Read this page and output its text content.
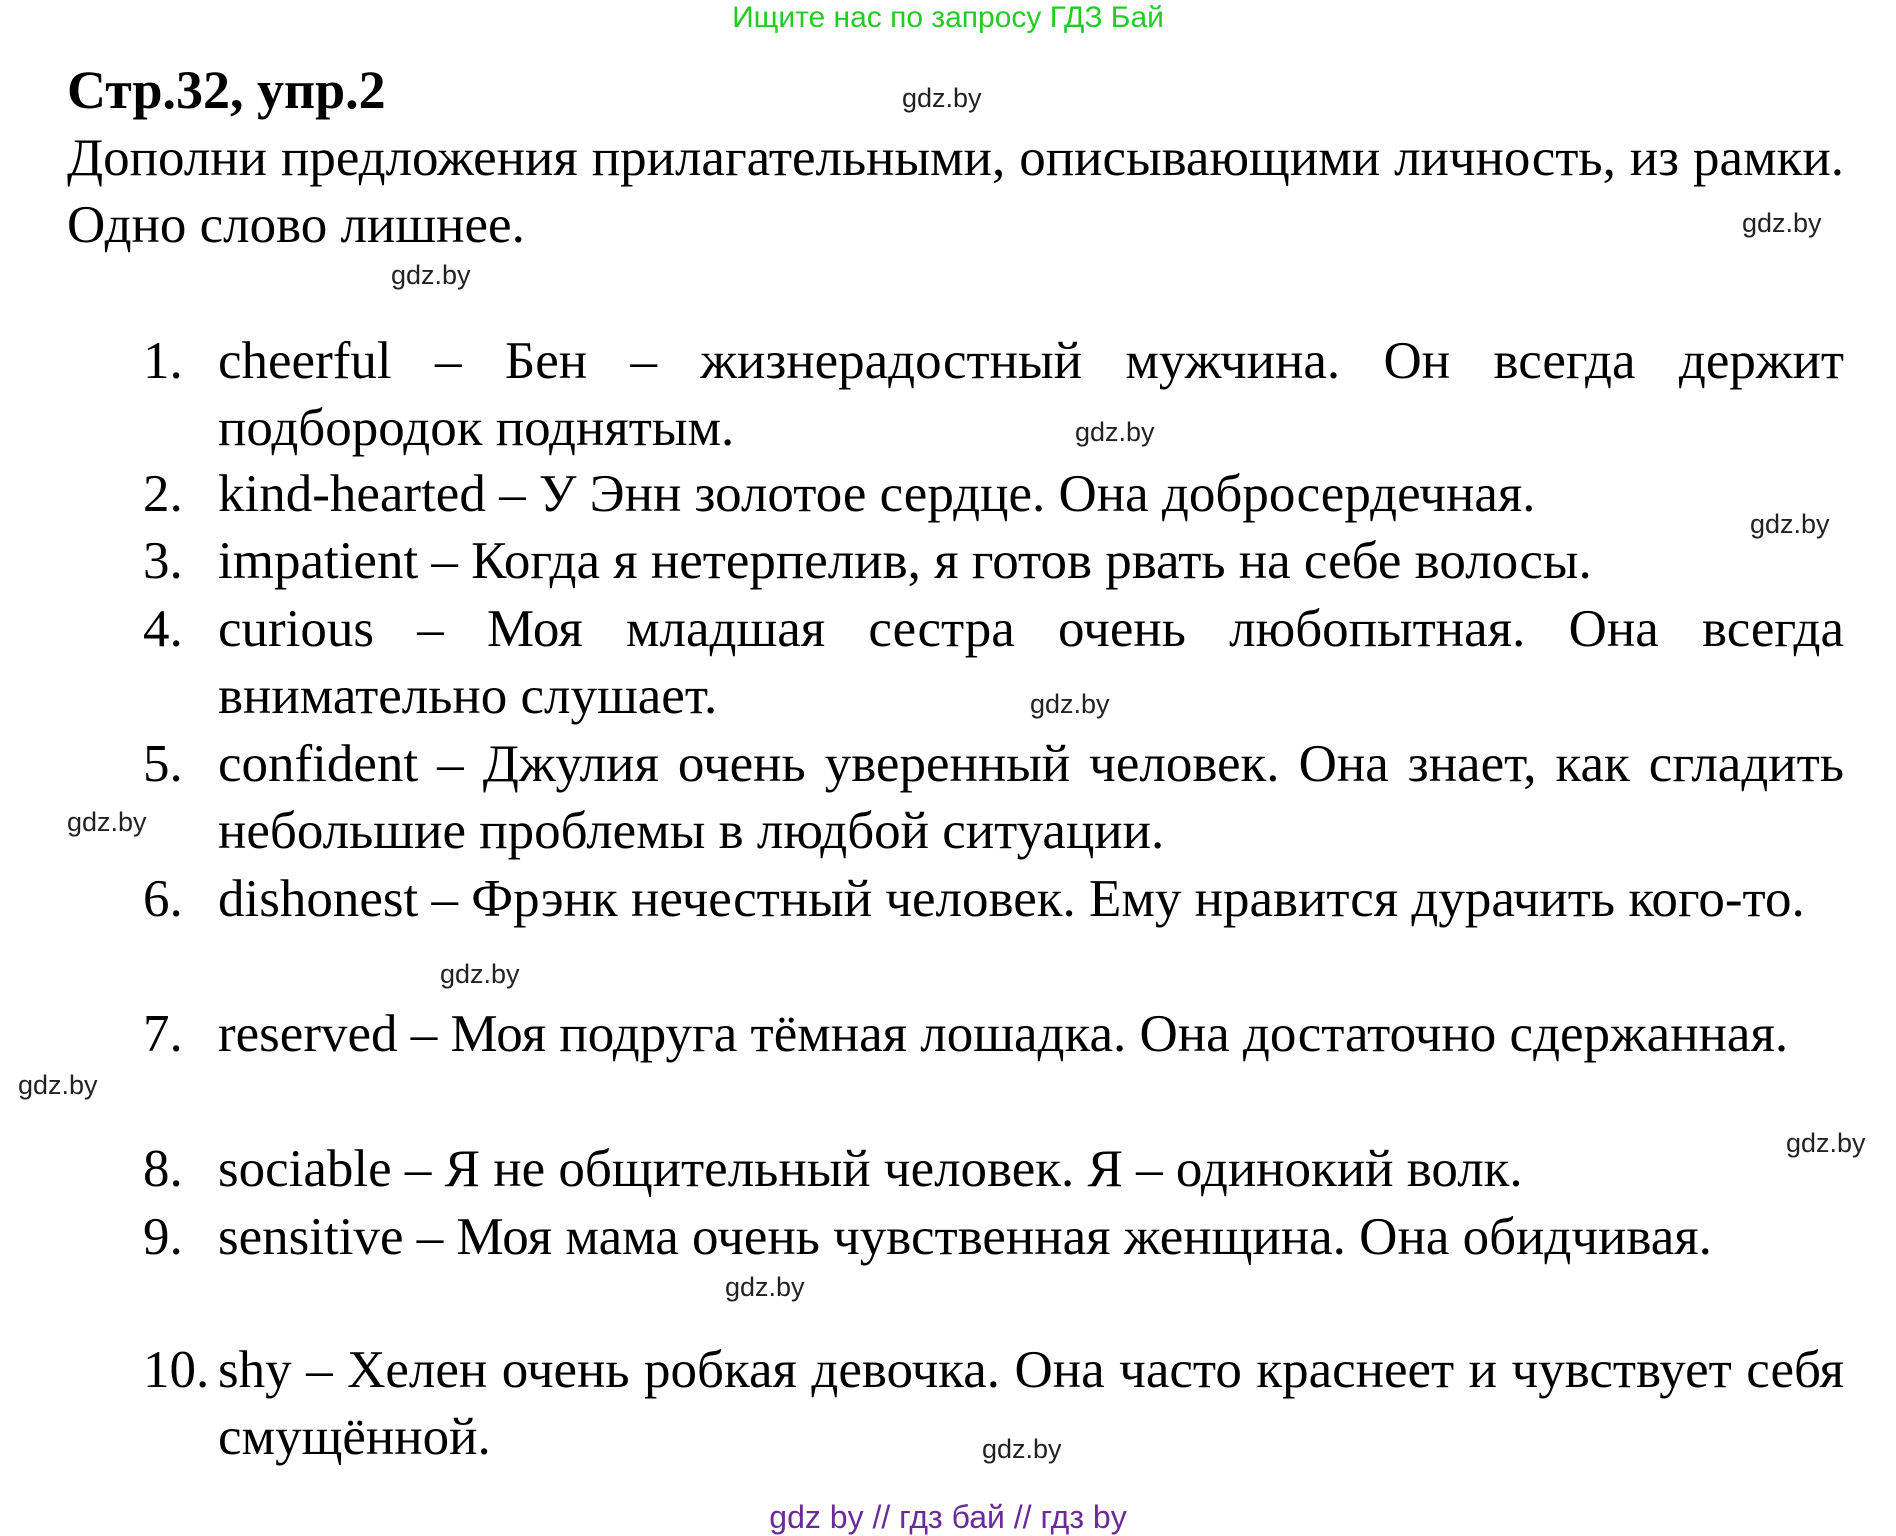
Ищите нас по запросу ГДЗ Бай
Стр.32, упр.2
Дополни предложения прилагательными, описывающими личность, из рамки. Одно слово лишнее.
1. cheerful – Бен – жизнерадостный мужчина. Он всегда держит подбородок поднятым.
2. kind-hearted – У Энн золотое сердце. Она добросердечная.
3. impatient – Когда я нетерпелив, я готов рвать на себе волосы.
4. curious – Моя младшая сестра очень любопытная. Она всегда внимательно слушает.
5. confident – Джулия очень уверенный человек. Она знает, как сгладить небольшие проблемы в людбой ситуации.
6. dishonest – Фрэнк нечестный человек. Ему нравится дурачить кого-то.
7. reserved – Моя подруга тёмная лошадка. Она достаточно сдержанная.
8. sociable – Я не общительный человек. Я – одинокий волк.
9. sensitive – Моя мама очень чувственная женщина. Она обидчивая.
10. shy – Хелен очень робкая девочка. Она часто краснеет и чувствует себя смущённой.
gdz.by
gdz.by
gdz.by
gdz.by
gdz.by
gdz.by
gdz.by
gdz.by
gdz.by
gdz.by
gdz.by
gdz.by
gdz by // гдз бай // гдз by
